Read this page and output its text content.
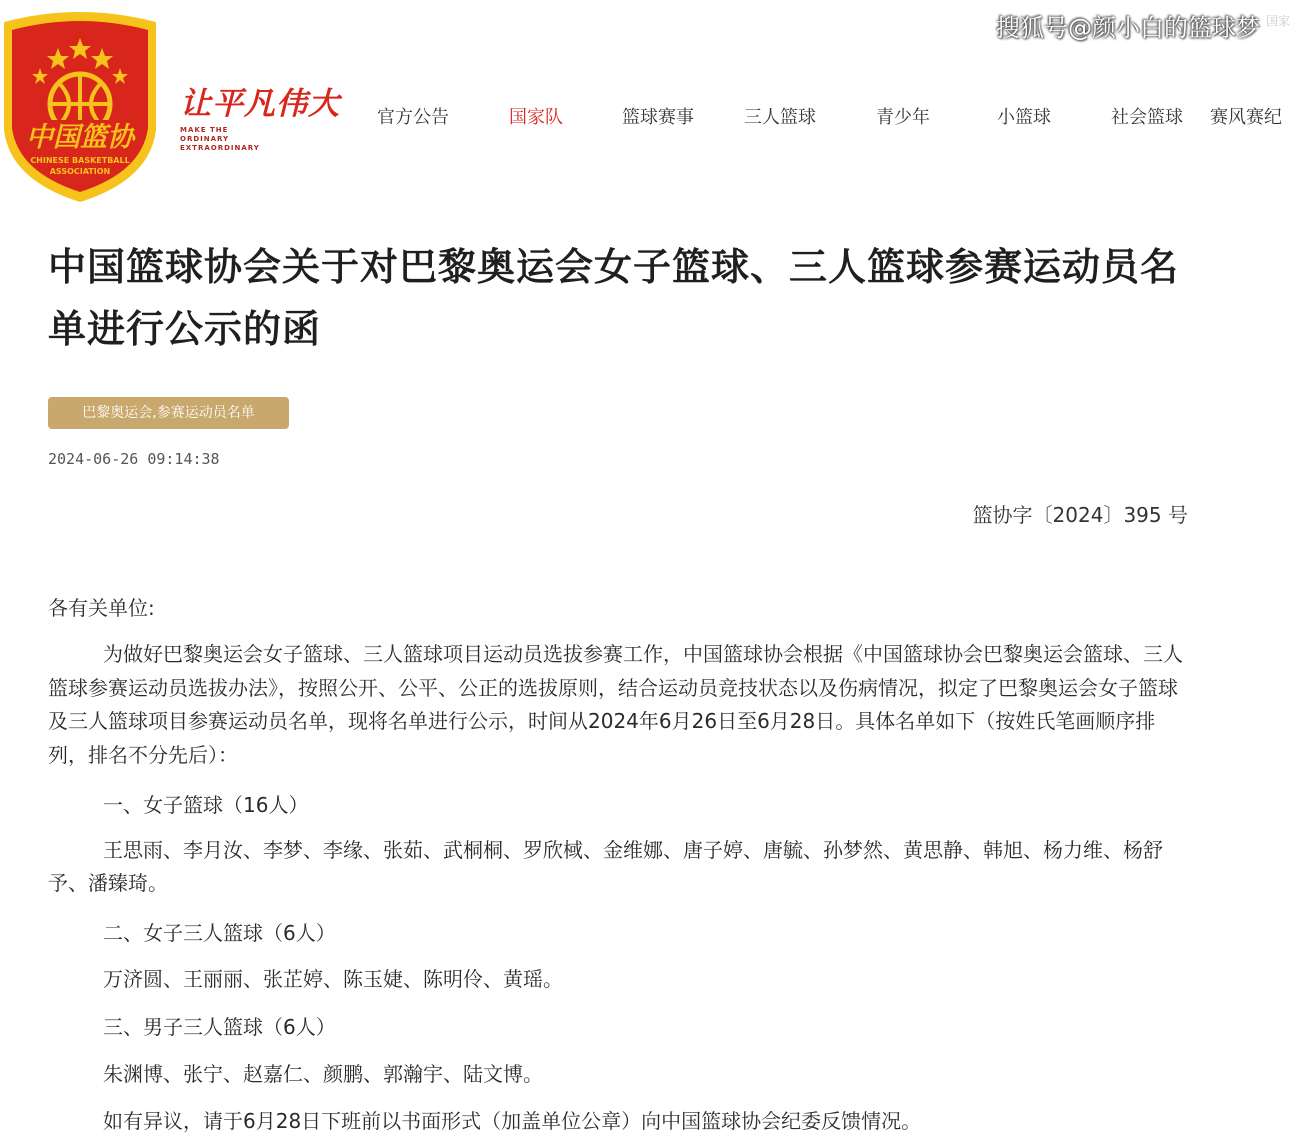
搜狐号@颜小白的篮球梦 国家
中国篮协
CHINESE BASKETBALL
ASSOCIATION
让平凡伟大
MAKE THE ORDINARY EXTRAORDINARY
官方公告	国家队	篮球赛事	三人篮球	青少年	小篮球	社会篮球 赛风赛纪
中国篮球协会关于对巴黎奥运会女子篮球、三人篮球参赛运动员名单进行公示的函
巴黎奥运会,参赛运动员名单
2024-06-26 09:14:38
篮协字〔2024〕395 号
各有关单位:
为做好巴黎奥运会女子篮球、三人篮球项目运动员选拔参赛工作，中国篮球协会根据《中国篮球协会巴黎奥运会篮球、三人篮球参赛运动员选拔办法》，按照公开、公平、公正的选拔原则，结合运动员竞技状态以及伤病情况，拟定了巴黎奥运会女子篮球及三人篮球项目参赛运动员名单，现将名单进行公示，时间从2024年6月26日至6月28日。具体名单如下（按姓氏笔画顺序排列，排名不分先后）：
一、女子篮球（16人）
王思雨、李月汝、李梦、李缘、张茹、武桐桐、罗欣棫、金维娜、唐子婷、唐毓、孙梦然、黄思静、韩旭、杨力维、杨舒予、潘臻琦。
二、女子三人篮球（6人）
万济圆、王丽丽、张芷婷、陈玉婕、陈明伶、黄瑶。
三、男子三人篮球（6人）
朱渊博、张宁、赵嘉仁、颜鹏、郭瀚宇、陆文博。
如有异议，请于6月28日下班前以书面形式（加盖单位公章）向中国篮球协会纪委反馈情况。
